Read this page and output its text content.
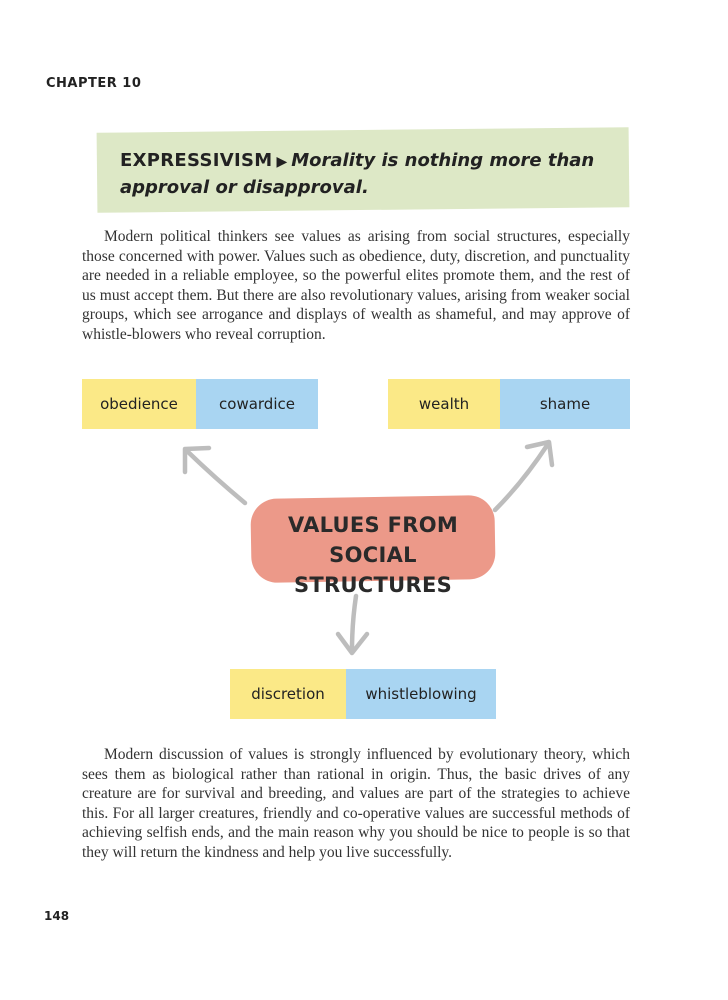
CHAPTER 10
EXPRESSIVISM ▶ Morality is nothing more than approval or disapproval.

Modern political thinkers see values as arising from social structures, especially those concerned with power. Values such as obedience, duty, discretion, and punctuality are needed in a reliable employee, so the powerful elites promote them, and the rest of us must accept them. But there are also revolutionary values, arising from weaker social groups, which see arrogance and displays of wealth as shameful, and may approve of whistle-blowers who reveal corruption.

obedience	cowardice	wealth	shame
VALUES FROM SOCIAL
STRUCTURES
discretion	whistleblowing

Modern discussion of values is strongly influenced by evolutionary theory, which sees them as biological rather than rational in origin. Thus, the basic drives of any creature are for survival and breeding, and values are part of the strategies to achieve this. For all larger creatures, friendly and co-operative values are successful methods of achieving selfish ends, and the main reason why you should be nice to people is so that they will return the kindness and help you live successfully.

148
